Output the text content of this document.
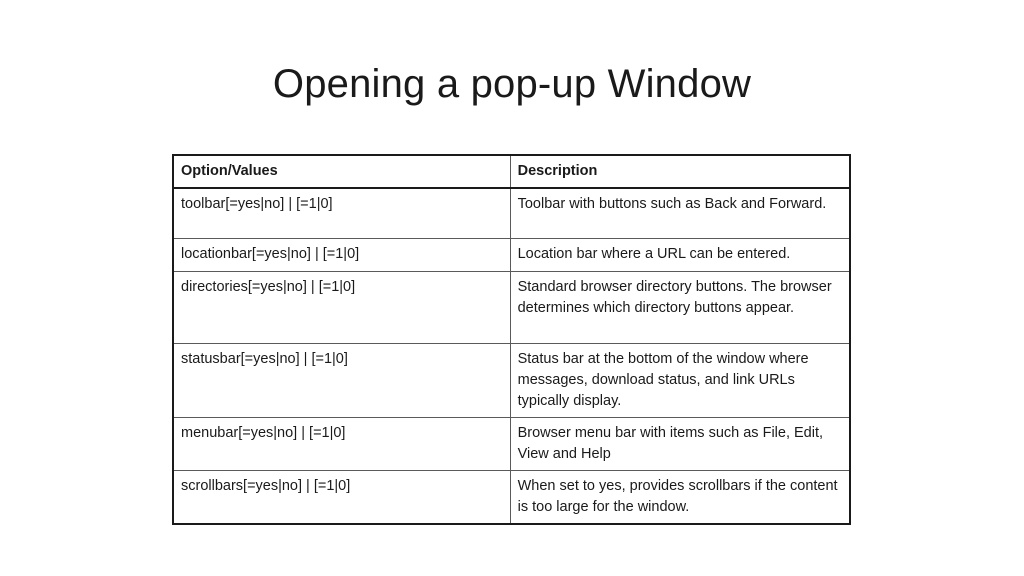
Opening a pop-up Window
Option/Values	Description
toolbar[=yes|no] | [=1|0]	Toolbar with buttons such as Back and Forward.
locationbar[=yes|no] | [=1|0]	Location bar where a URL can be entered.
directories[=yes|no] | [=1|0]	Standard browser directory buttons. The browser determines which directory buttons appear.
statusbar[=yes|no] | [=1|0]	Status bar at the bottom of the window where messages, download status, and link URLs typically display.
menubar[=yes|no] | [=1|0]	Browser menu bar with items such as File, Edit, View and Help
scrollbars[=yes|no] | [=1|0]	When set to yes, provides scrollbars if the content is too large for the window.
